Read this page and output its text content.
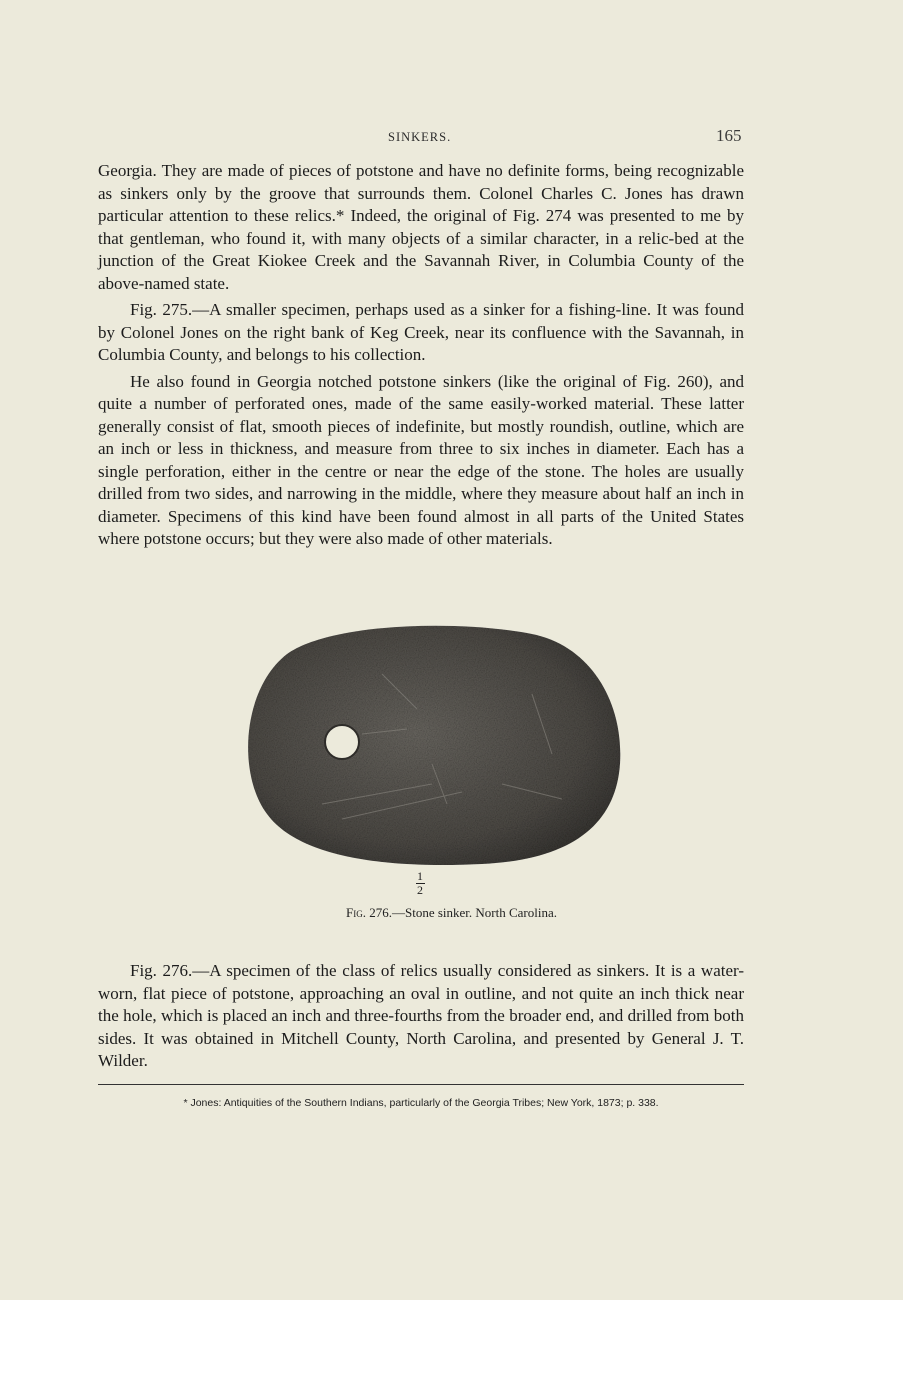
SINKERS.	165

Georgia. They are made of pieces of potstone and have no definite forms, being recognizable as sinkers only by the groove that surrounds them. Colonel Charles C. Jones has drawn particular attention to these relics.* Indeed, the original of Fig. 274 was presented to me by that gentleman, who found it, with many objects of a similar character, in a relic-bed at the junction of the Great Kiokee Creek and the Savannah River, in Columbia County of the above-named state.

Fig. 275.—A smaller specimen, perhaps used as a sinker for a fishing-line. It was found by Colonel Jones on the right bank of Keg Creek, near its confluence with the Savannah, in Columbia County, and belongs to his collection.

He also found in Georgia notched potstone sinkers (like the original of Fig. 260), and quite a number of perforated ones, made of the same easily-worked material. These latter generally consist of flat, smooth pieces of indefinite, but mostly roundish, outline, which are an inch or less in thickness, and measure from three to six inches in diameter. Each has a single perforation, either in the centre or near the edge of the stone. The holes are usually drilled from two sides, and narrowing in the middle, where they measure about half an inch in diameter. Specimens of this kind have been found almost in all parts of the United States where potstone occurs; but they were also made of other materials.

1
2
Fig. 276.—Stone sinker. North Carolina.

Fig. 276.—A specimen of the class of relics usually considered as sinkers. It is a water-worn, flat piece of potstone, approaching an oval in outline, and not quite an inch thick near the hole, which is placed an inch and three-fourths from the broader end, and drilled from both sides. It was obtained in Mitchell County, North Carolina, and presented by General J. T. Wilder.

* Jones: Antiquities of the Southern Indians, particularly of the Georgia Tribes; New York, 1873; p. 338.
